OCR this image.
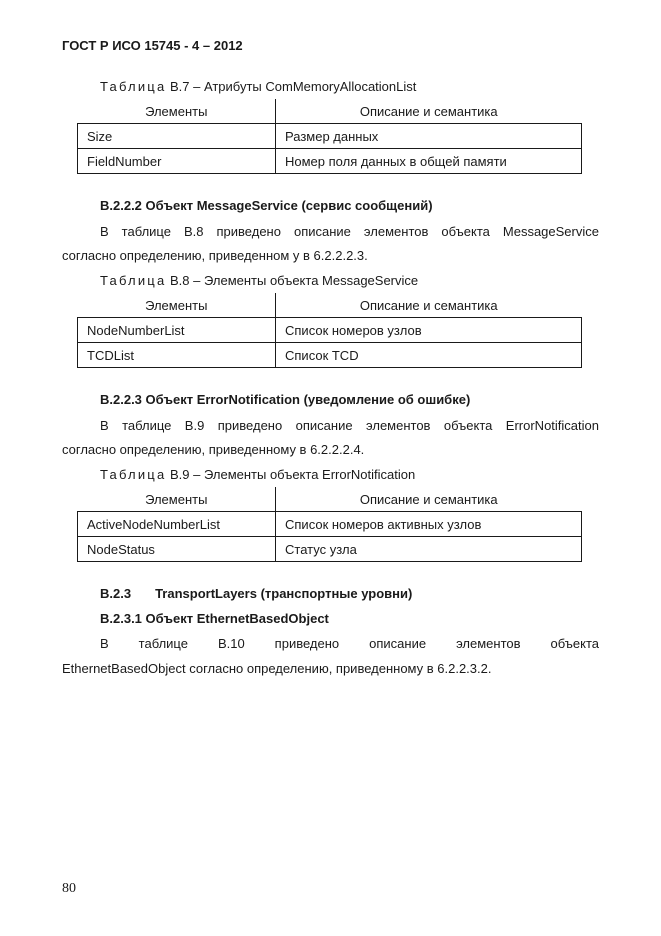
ГОСТ Р ИСО 15745 - 4 – 2012
Таблица В.7 – Атрибуты ComMemoryAllocationList
Элементы	Описание и семантика
Size	Размер данных
FieldNumber	Номер поля данных в общей памяти
В.2.2.2 Объект MessageService (сервис сообщений)
В таблице В.8 приведено описание элементов объекта MessageService
согласно определению, приведенном у в 6.2.2.2.3.
Таблица В.8 – Элементы объекта MessageService
Элементы	Описание и семантика
NodeNumberList	Список номеров узлов
TCDList	Список TCD
В.2.2.3 Объект ErrorNotification (уведомление об ошибке)
В таблице В.9 приведено описание элементов объекта ErrorNotification
согласно определению, приведенному в 6.2.2.2.4.
Таблица В.9 – Элементы объекта ErrorNotification
Элементы	Описание и семантика
ActiveNodeNumberList	Список номеров активных узлов
NodeStatus	Статус узла
В.2.3 TransportLayers (транспортные уровни)
В.2.3.1 Объект EthernetBasedObject
В таблице В.10 приведено описание элементов объекта
EthernetBasedObject согласно определению, приведенному в 6.2.2.3.2.
80
